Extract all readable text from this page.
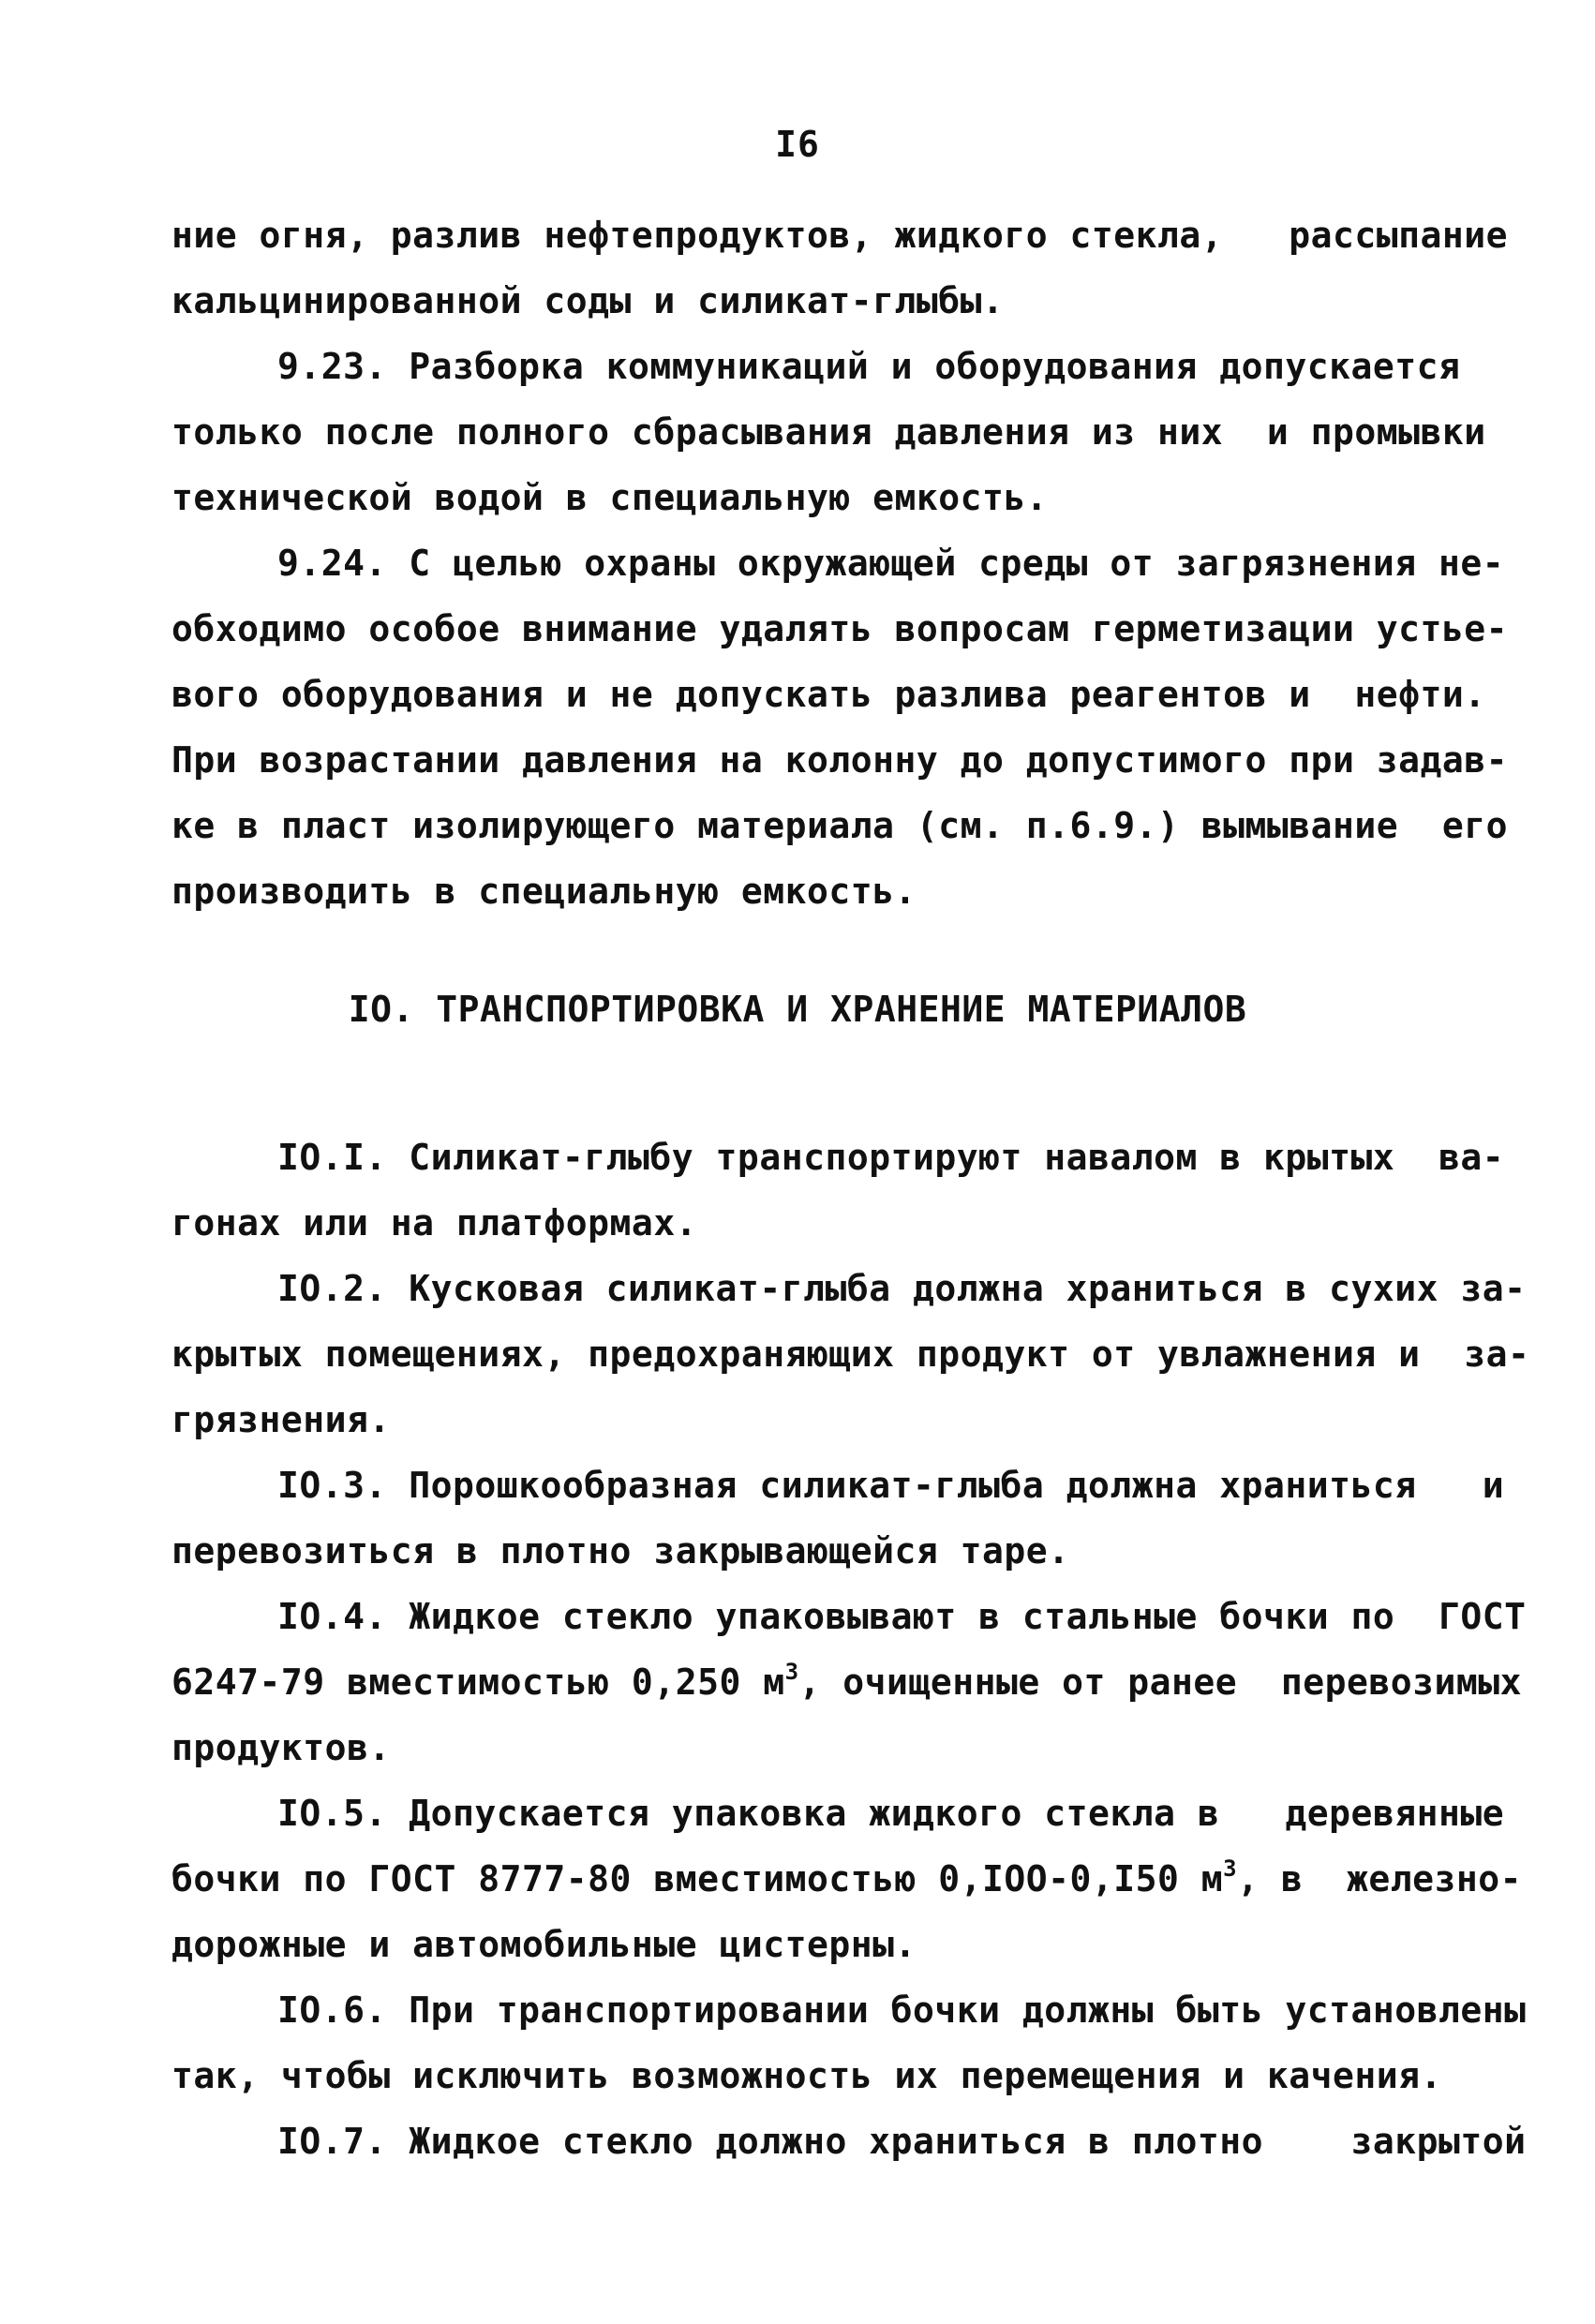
I6
ние огня, разлив нефтепродуктов, жидкого стекла,   рассыпание
кальцинированной соды и силикат-глыбы.
9.23. Разборка коммуникаций и оборудования допускается
только после полного сбрасывания давления из них  и промывки
технической водой в специальную емкость.
9.24. С целью охраны окружающей среды от загрязнения не-
обходимо особое внимание удалять вопросам герметизации устье-
вого оборудования и не допускать разлива реагентов и  нефти.
При возрастании давления на колонну до допустимого при задав-
ке в пласт изолирующего материала (см. п.6.9.) вымывание  его
производить в специальную емкость.
IO. ТРАНСПОРТИРОВКА И ХРАНЕНИЕ МАТЕРИАЛОВ
IO.I. Силикат-глыбу транспортируют навалом в крытых  ва-
гонах или на платформах.
IO.2. Кусковая силикат-глыба должна храниться в сухих за-
крытых помещениях, предохраняющих продукт от увлажнения и  за-
грязнения.
IO.3. Порошкообразная силикат-глыба должна храниться   и
перевозиться в плотно закрывающейся таре.
IO.4. Жидкое стекло упаковывают в стальные бочки по  ГОСТ
6247-79 вместимостью 0,250 $м^3$, очищенные от ранее  перевозимых
продуктов.
IO.5. Допускается упаковка жидкого стекла в   деревянные
бочки по ГОСТ 8777-80 вместимостью 0,IOO-0,I50 $м^3$, в  железно-
дорожные и автомобильные цистерны.
IO.6. При транспортировании бочки должны быть установлены
так, чтобы исключить возможность их перемещения и качения.
IO.7. Жидкое стекло должно храниться в плотно    закрытой
